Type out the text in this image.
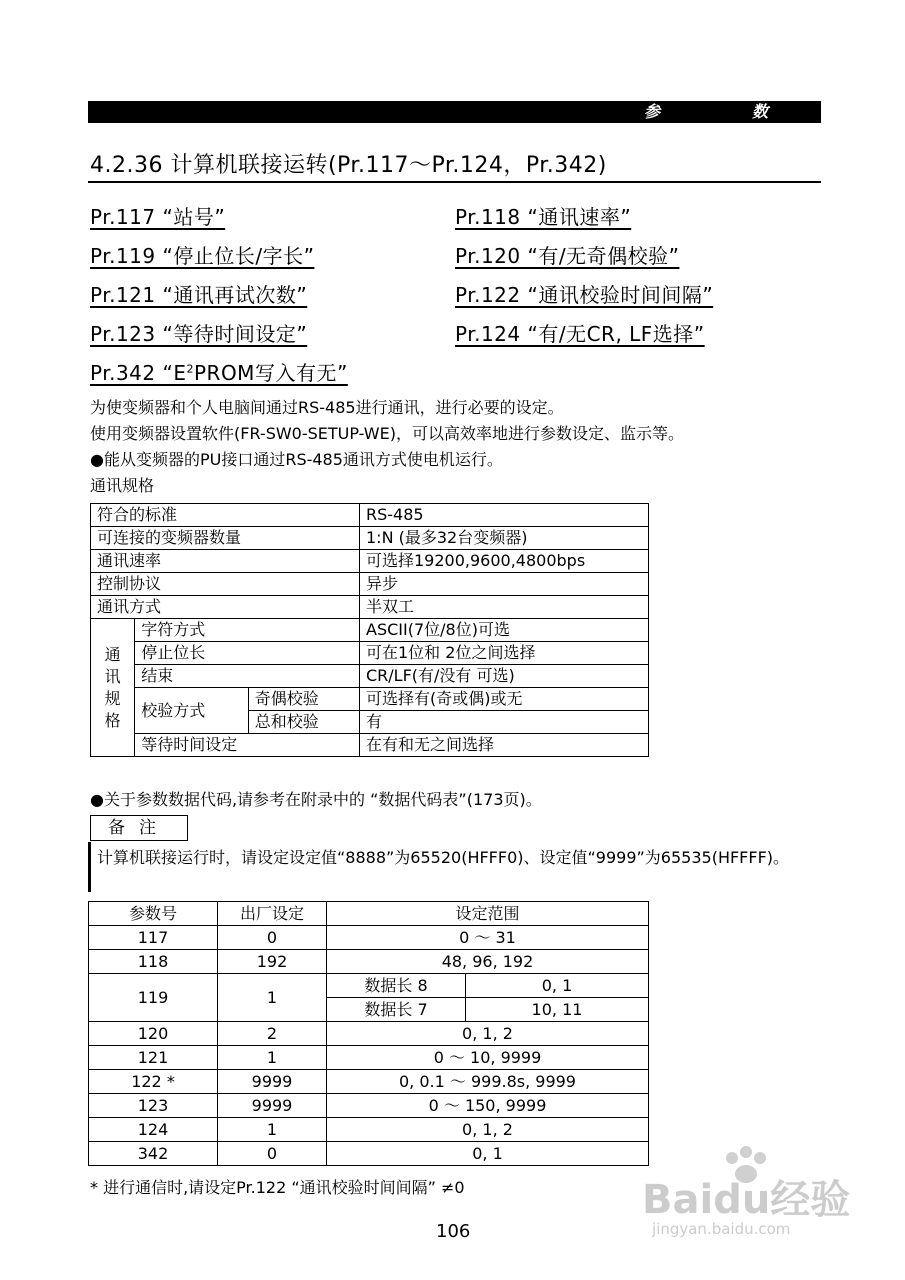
参	数
4.2.36 计算机联接运转(Pr.117～Pr.124，Pr.342)
Pr.117 “站号”	Pr.118 “通讯速率”
Pr.119 “停止位长/字长”	Pr.120 “有/无奇偶校验”
Pr.121 “通讯再试次数”	Pr.122 “通讯校验时间间隔”
Pr.123 “等待时间设定”	Pr.124 “有/无CR, LF选择”
Pr.342 “$E^2PROM$写入有无”
为使变频器和个人电脑间通过RS-485进行通讯，进行必要的设定。
使用变频器设置软件(FR-SW0-SETUP-WE)，可以高效率地进行参数设定、监示等。
●能从变频器的PU接口通过RS-485通讯方式使电机运行。
通讯规格
符合的标准			RS-485
可连接的变频器数量			1:N (最多32台变频器)
通讯速率			可选择19200,9600,4800bps
控制协议			异步
通讯方式			半双工

通
讯
规
格	字符方式		ASCII(7位/8位)可选
	停止位长		可在1位和 2位之间选择
	结束		CR/LF(有/没有 可选)
	校验方式	奇偶校验	可选择有(奇或偶)或无
		总和校验	有
	等待时间设定		在有和无之间选择
●关于参数数据代码,请参考在附录中的 “数据代码表”(173页)。
备注
计算机联接运行时，请设定设定值“8888”为65520(HFFF0)、设定值“9999”为65535(HFFFF)。
参数号	出厂设定	设定范围	
117	0	0 ～ 31	
118	192	48, 96, 192	
119	1	数据长 8	0, 1
		数据长 7	10, 11
120	2	0, 1, 2	
121	1	0 ～ 10, 9999	
122 *	9999	0, 0.1 ～ 999.8s, 9999	
123	9999	0 ～ 150, 9999	
124	1	0, 1, 2	
342	0	0, 1	
* 进行通信时,请设定Pr.122 “通讯校验时间间隔” ≠0
106
Baidu经验
jingyan.baidu.com
